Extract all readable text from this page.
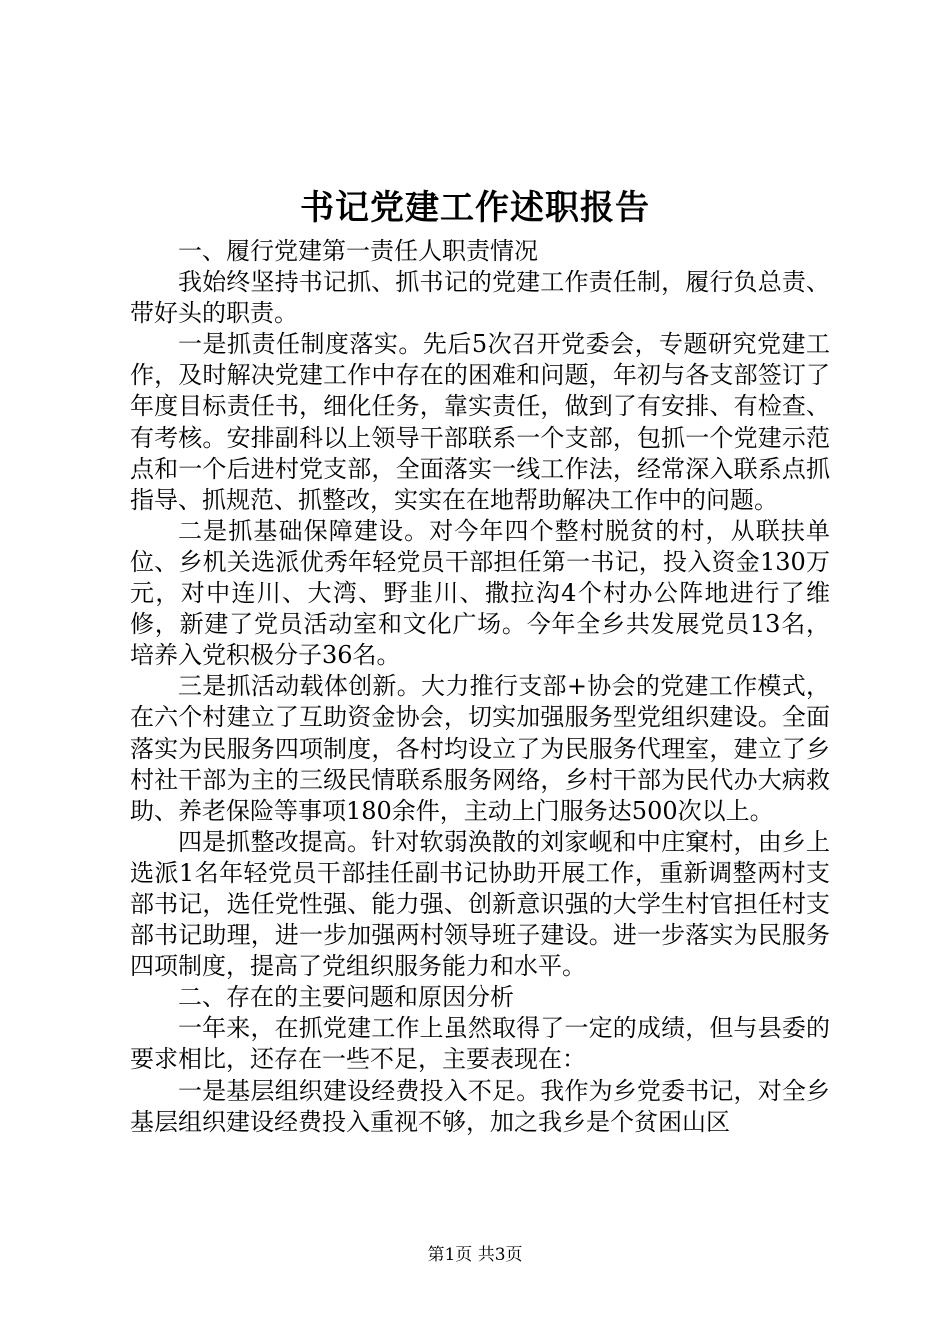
书记党建工作述职报告

一、履行党建第一责任人职责情况

我始终坚持书记抓、抓书记的党建工作责任制，履行负总责、带好头的职责。

一是抓责任制度落实。先后5次召开党委会，专题研究党建工作，及时解决党建工作中存在的困难和问题，年初与各支部签订了年度目标责任书，细化任务，靠实责任，做到了有安排、有检查、有考核。安排副科以上领导干部联系一个支部，包抓一个党建示范点和一个后进村党支部，全面落实一线工作法，经常深入联系点抓指导、抓规范、抓整改，实实在在地帮助解决工作中的问题。

二是抓基础保障建设。对今年四个整村脱贫的村，从联扶单位、乡机关选派优秀年轻党员干部担任第一书记，投入资金130万元，对中连川、大湾、野韭川、撒拉沟4个村办公阵地进行了维修，新建了党员活动室和文化广场。今年全乡共发展党员13名，培养入党积极分子36名。

三是抓活动载体创新。大力推行支部+协会的党建工作模式，在六个村建立了互助资金协会，切实加强服务型党组织建设。全面落实为民服务四项制度，各村均设立了为民服务代理室，建立了乡村社干部为主的三级民情联系服务网络，乡村干部为民代办大病救助、养老保险等事项180余件，主动上门服务达500次以上。

四是抓整改提高。针对软弱涣散的刘家岘和中庄窠村，由乡上选派1名年轻党员干部挂任副书记协助开展工作，重新调整两村支部书记，选任党性强、能力强、创新意识强的大学生村官担任村支部书记助理，进一步加强两村领导班子建设。进一步落实为民服务四项制度，提高了党组织服务能力和水平。

二、存在的主要问题和原因分析

一年来，在抓党建工作上虽然取得了一定的成绩，但与县委的要求相比，还存在一些不足，主要表现在：

一是基层组织建设经费投入不足。我作为乡党委书记，对全乡基层组织建设经费投入重视不够，加之我乡是个贫困山区

第1页 共3页
